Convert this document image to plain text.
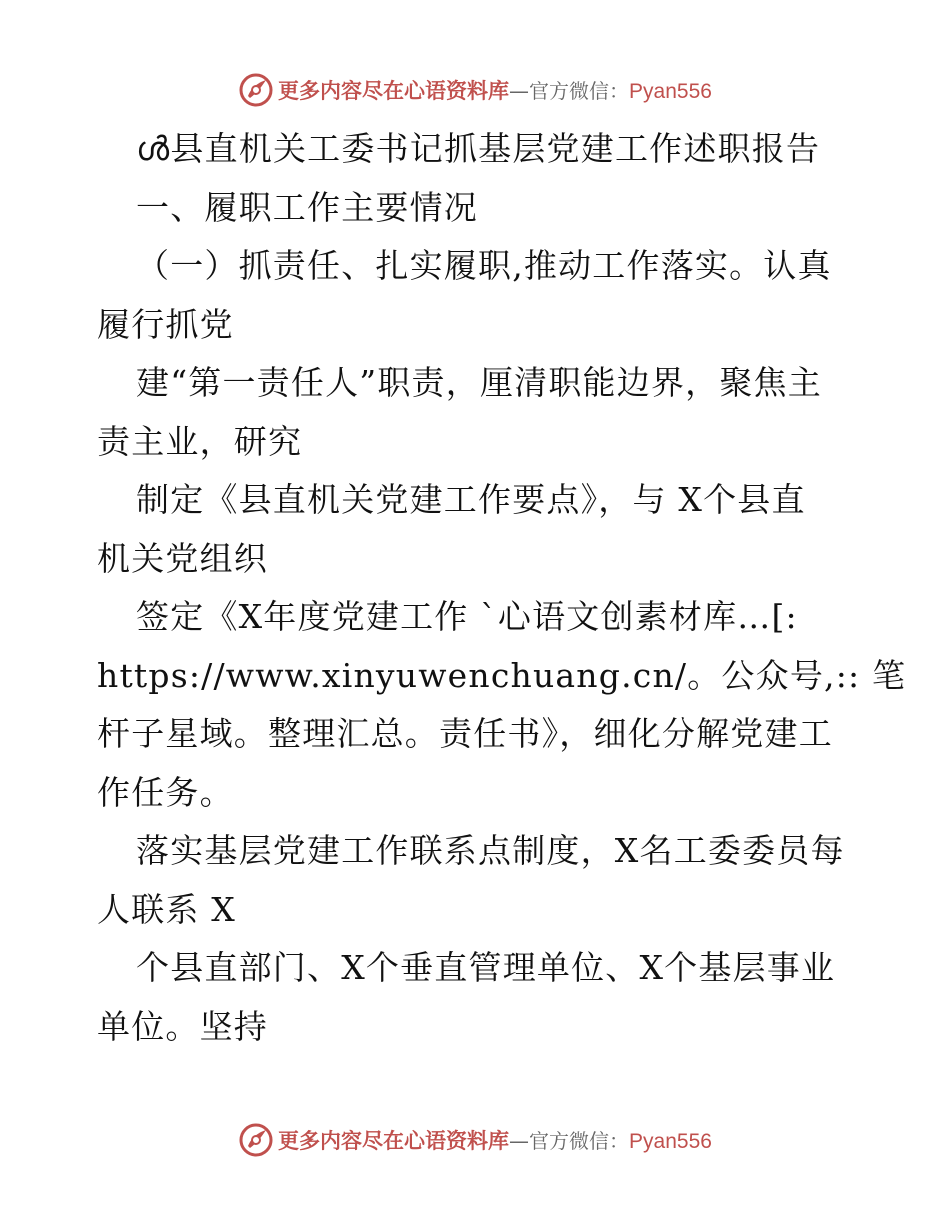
更多内容尽在心语资料库 — 官方微信： Pyan556
ൾ县直机关工委书记抓基层党建工作述职报告
一、履职工作主要情况
（一）抓责任、扎实履职,推动工作落实。认真
履行抓党
建“第一责任人”职责，厘清职能边界，聚焦主
责主业，研究
制定《县直机关党建工作要点》，与 X个县直
机关党组织
签定《X年度党建工作 `心语文创素材库…[:
https://www.xinyuwenchuang.cn/。公众号,:: 笔
杆子星域。整理汇总。责任书》，细化分解党建工
作任务。
落实基层党建工作联系点制度，X名工委委员每
人联系 X
个县直部门、X个垂直管理单位、X个基层事业
单位。坚持
更多内容尽在心语资料库 — 官方微信： Pyan556
